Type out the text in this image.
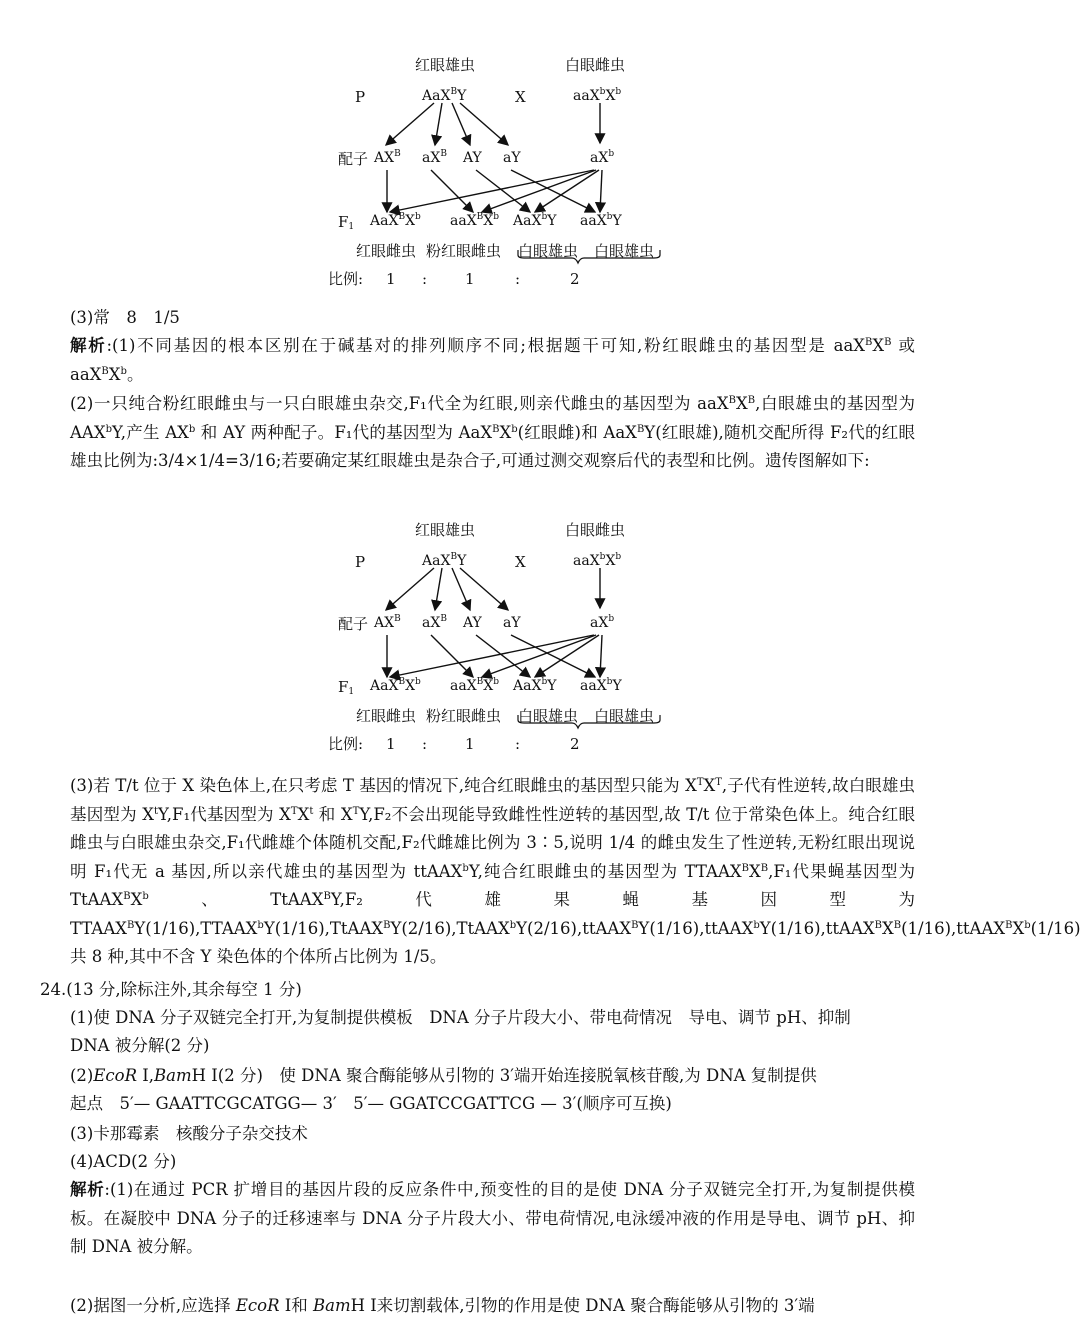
红眼雄虫	白眼雌虫
P	AaX$^B$Y	X	$aaX^bX^b$
配子 $AX^B$ $aX^B$ AY aY	$aX^b$
$F_1$ $AaX^BX^b$ $aaX^BX^b$ AaX$^b$Y aaX$^b$Y
红眼雌虫 粉红眼雌虫 白眼雄虫 白眼雄虫
比例: 1 :	1	:	2
(3)常　8　1/5
解析:(1)不同基因的根本区别在于碱基对的排列顺序不同;根据题干可知,粉红眼雌虫的基因型是 $aaX^BX^B$ 或 $aaX^BX^b$。
(2)一只纯合粉红眼雌虫与一只白眼雄虫杂交,F₁代全为红眼,则亲代雌虫的基因型为 $aaX^BX^B$,白眼雄虫的基因型为 AAX$^b$Y,产生 $AX^b$ 和 AY 两种配子。F₁代的基因型为 $AaX^BX^b$(红眼雌)和 AaX$^B$Y(红眼雄),随机交配所得 F₂代的红眼雄虫比例为:3/4×1/4=3/16;若要确定某红眼雄虫是杂合子,可通过测交观察后代的表型和比例。遗传图解如下:
红眼雄虫	白眼雌虫
P	AaX$^B$Y	X	$aaX^bX^b$
配子 $AX^B$ $aX^B$ AY aY	$aX^b$
$F_1$ $AaX^BX^b$ $aaX^BX^b$ AaX$^b$Y aaX$^b$Y
红眼雌虫 粉红眼雌虫 白眼雄虫 白眼雄虫
比例: 1 :	1	:	2
(3)若 T/t 位于 X 染色体上,在只考虑 T 基因的情况下,纯合红眼雌虫的基因型只能为 $X^TX^T$,子代有性逆转,故白眼雄虫基因型为 $X^tY,F_1$代基因型为 $X^TX^t$ 和 $X^TY,F_2$不会出现能导致雌性性逆转的基因型,故 T/t 位于常染色体上。纯合红眼雌虫与白眼雄虫杂交,F₁代雌雄个体随机交配,F₂代雌雄比例为 3∶5,说明 1/4 的雌虫发生了性逆转,无粉红眼出现说明 F₁代无 a 基因,所以亲代雄虫的基因型为 ttAAX$^b$Y,纯合红眼雌虫的基因型为 $TTAAX^BX^B,F_1$代果蝇基因型为 $TtAAX^BX^b$、TtAAX$^B$Y,F₂代雄果蝇基因型为 $TTAAX^BY(1/16),TTAAX^bY(1/16),TtAAX^BY(2/16),TtAAX^bY(2/16),ttAAX^BY(1/16),ttAAX^bY(1/16),ttAAX^BX^B(1/16),ttAAX^BX^b(1/16)$共 8 种,其中不含 Y 染色体的个体所占比例为 1/5。
24.(13 分,除标注外,其余每空 1 分)
(1)使 DNA 分子双链完全打开,为复制提供模板　DNA 分子片段大小、带电荷情况　导电、调节 pH、抑制
DNA 被分解(2 分)
(2)EcoR Ⅰ,BamH Ⅰ(2 分)　使 DNA 聚合酶能够从引物的 3′端开始连接脱氧核苷酸,为 DNA 复制提供
起点　5′— GAATTCGCATGG— 3′　5′— GGATCCGATTCG — 3′(顺序可互换)
(3)卡那霉素　核酸分子杂交技术
(4)ACD(2 分)
解析:(1)在通过 PCR 扩增目的基因片段的反应条件中,预变性的目的是使 DNA 分子双链完全打开,为复制提供模板。在凝胶中 DNA 分子的迁移速率与 DNA 分子片段大小、带电荷情况,电泳缓冲液的作用是导电、调节 pH、抑制 DNA 被分解。
(2)据图一分析,应选择 EcoR Ⅰ和 BamH Ⅰ来切割载体,引物的作用是使 DNA 聚合酶能够从引物的 3′端
